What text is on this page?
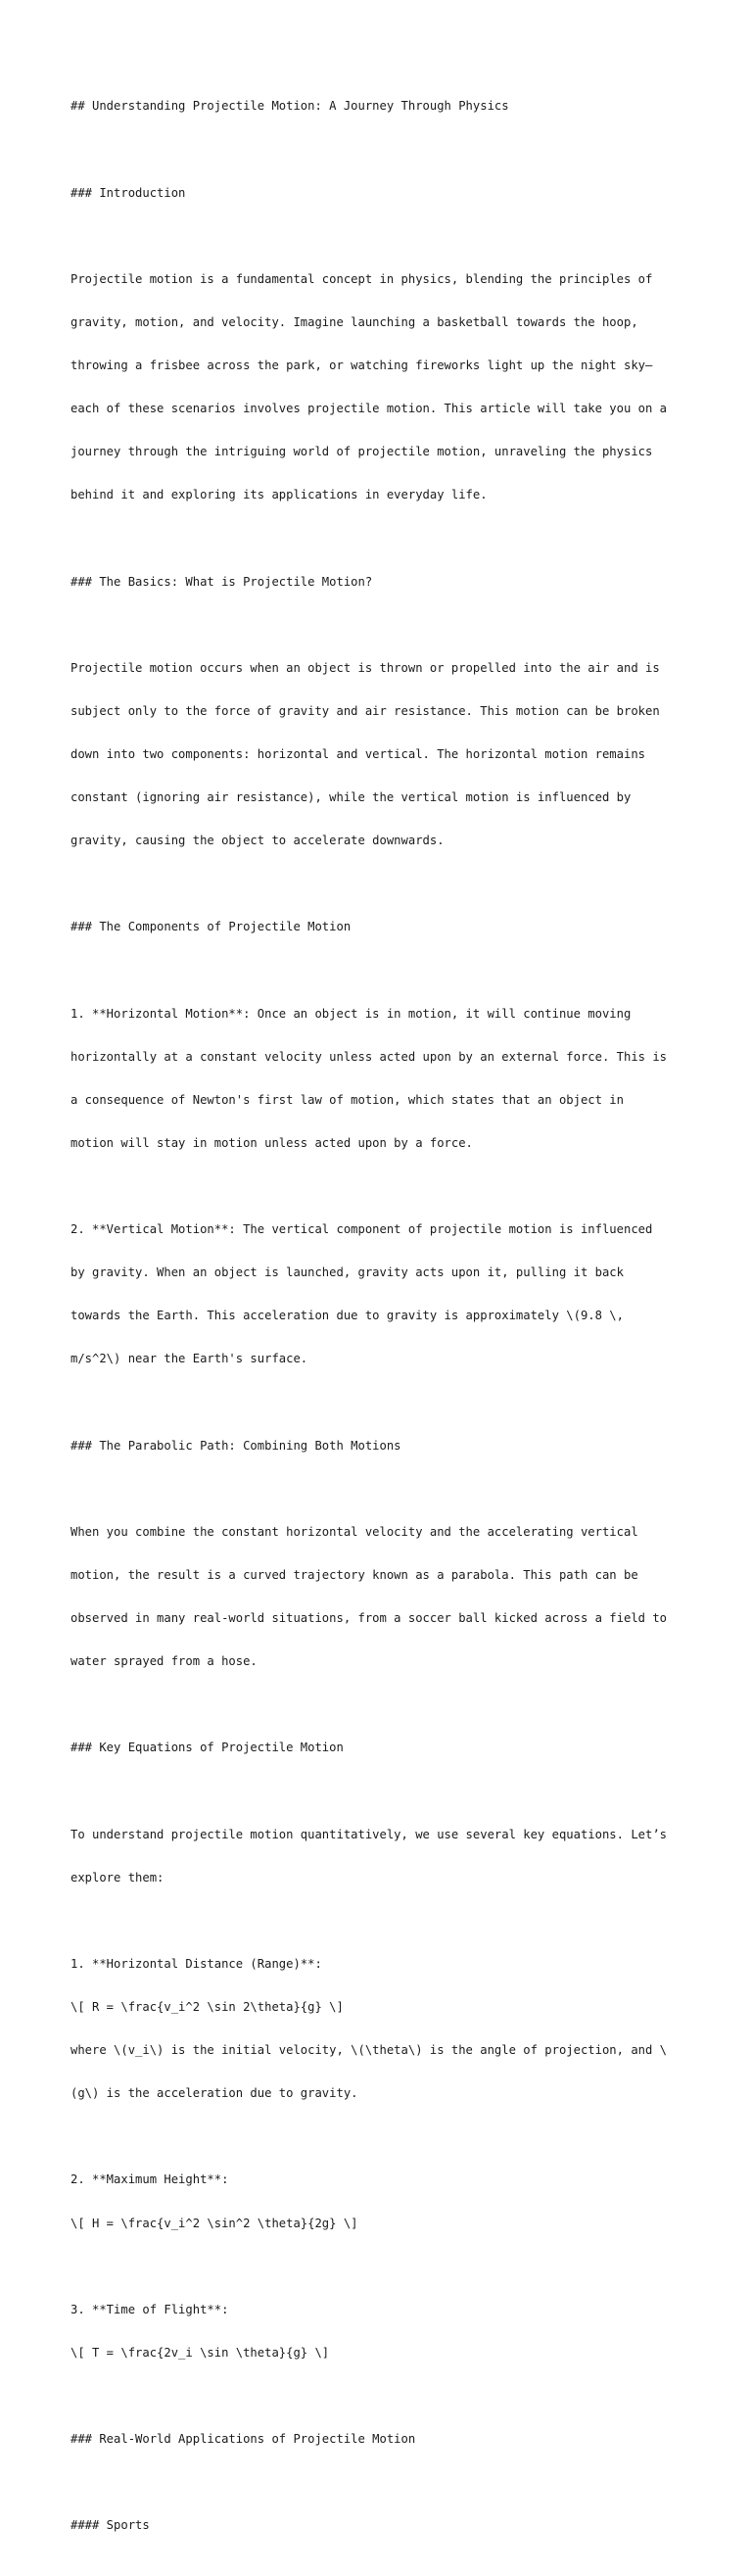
## Understanding Projectile Motion: A Journey Through Physics

### Introduction

Projectile motion is a fundamental concept in physics, blending the principles of

gravity, motion, and velocity. Imagine launching a basketball towards the hoop,

throwing a frisbee across the park, or watching fireworks light up the night sky—

each of these scenarios involves projectile motion. This article will take you on a

journey through the intriguing world of projectile motion, unraveling the physics

behind it and exploring its applications in everyday life.

### The Basics: What is Projectile Motion?

Projectile motion occurs when an object is thrown or propelled into the air and is

subject only to the force of gravity and air resistance. This motion can be broken

down into two components: horizontal and vertical. The horizontal motion remains

constant (ignoring air resistance), while the vertical motion is influenced by

gravity, causing the object to accelerate downwards.

### The Components of Projectile Motion

1. **Horizontal Motion**: Once an object is in motion, it will continue moving

horizontally at a constant velocity unless acted upon by an external force. This is

a consequence of Newton's first law of motion, which states that an object in

motion will stay in motion unless acted upon by a force.

2. **Vertical Motion**: The vertical component of projectile motion is influenced

by gravity. When an object is launched, gravity acts upon it, pulling it back

towards the Earth. This acceleration due to gravity is approximately \(9.8 \,

m/s^2\) near the Earth's surface.

### The Parabolic Path: Combining Both Motions

When you combine the constant horizontal velocity and the accelerating vertical

motion, the result is a curved trajectory known as a parabola. This path can be

observed in many real-world situations, from a soccer ball kicked across a field to

water sprayed from a hose.

### Key Equations of Projectile Motion

To understand projectile motion quantitatively, we use several key equations. Let’s

explore them:

1. **Horizontal Distance (Range)**:

\[ R = \frac{v_i^2 \sin 2\theta}{g} \]

where \(v_i\) is the initial velocity, \(\theta\) is the angle of projection, and \

(g\) is the acceleration due to gravity.

2. **Maximum Height**:

\[ H = \frac{v_i^2 \sin^2 \theta}{2g} \]

3. **Time of Flight**:

\[ T = \frac{2v_i \sin \theta}{g} \]

### Real-World Applications of Projectile Motion

#### Sports
